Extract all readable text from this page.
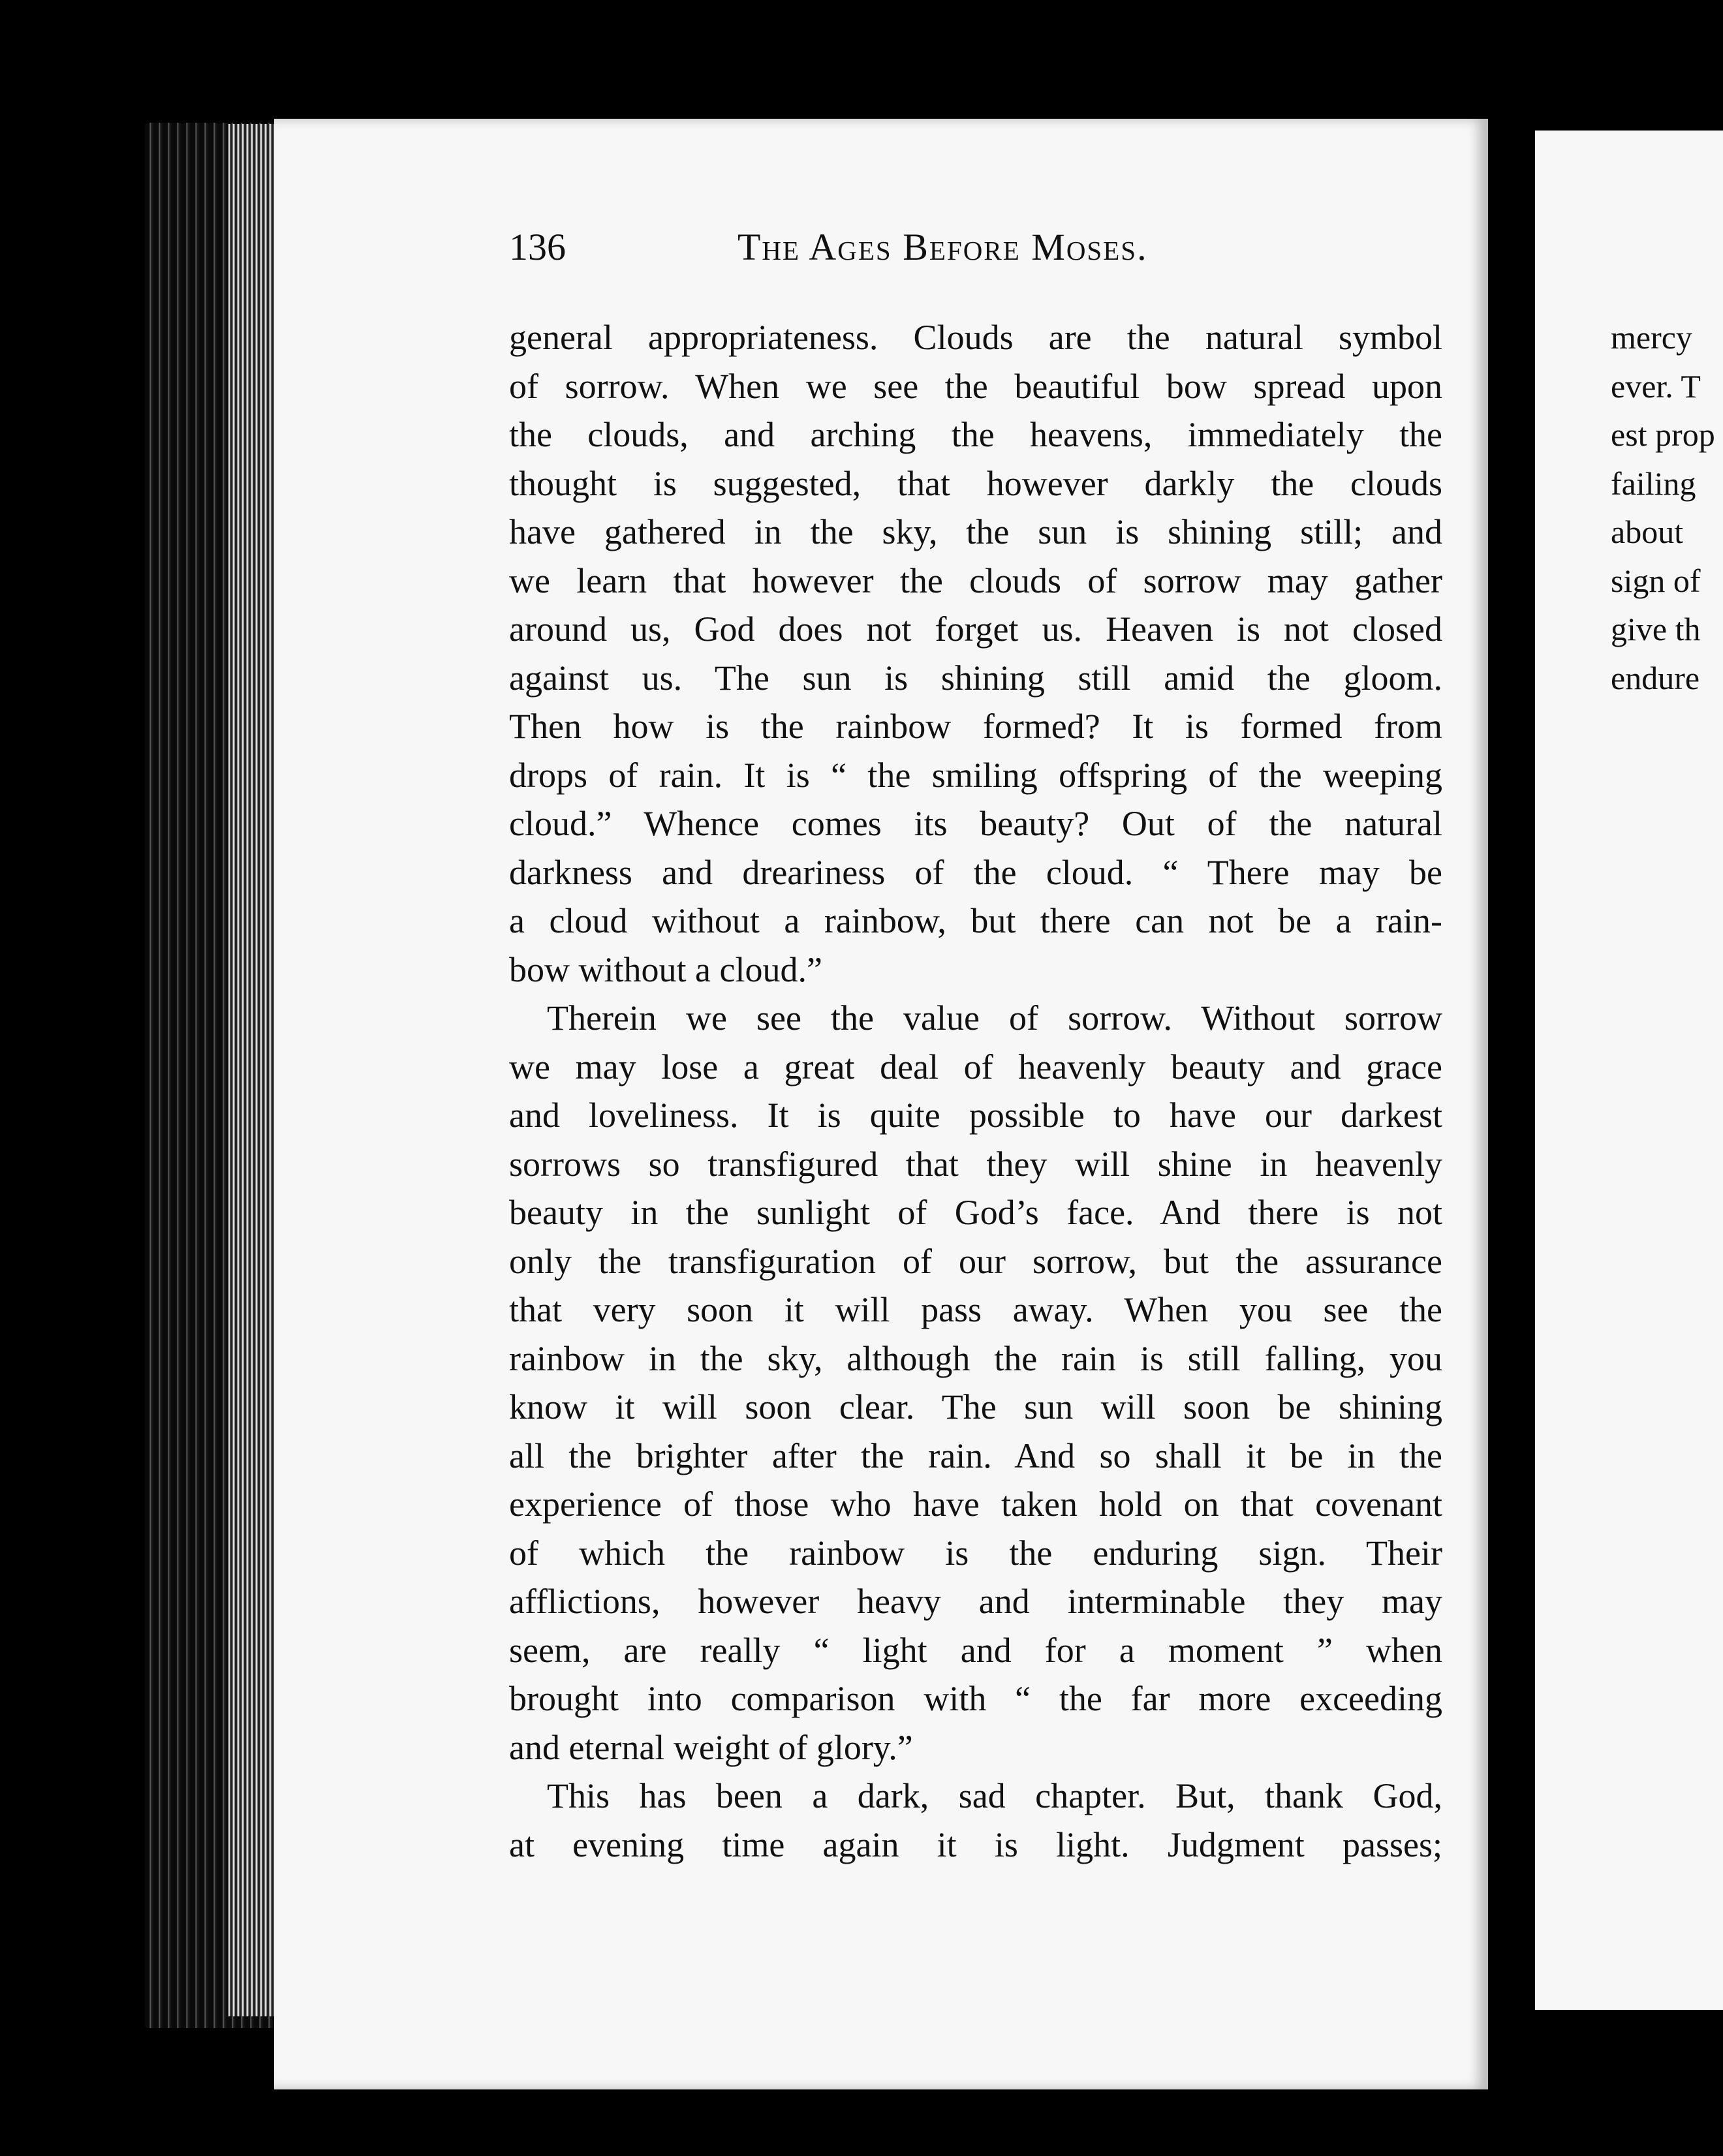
136	The Ages Before Moses.
general appropriateness. Clouds are the natural symbol
of sorrow. When we see the beautiful bow spread upon
the clouds, and arching the heavens, immediately the
thought is suggested, that however darkly the clouds
have gathered in the sky, the sun is shining still; and
we learn that however the clouds of sorrow may gather
around us, God does not forget us. Heaven is not closed
against us. The sun is shining still amid the gloom.
Then how is the rainbow formed? It is formed from
drops of rain. It is “ the smiling offspring of the weeping
cloud.” Whence comes its beauty? Out of the natural
darkness and dreariness of the cloud. “ There may be
a cloud without a rainbow, but there can not be a rain-
bow without a cloud.”
Therein we see the value of sorrow. Without sorrow
we may lose a great deal of heavenly beauty and grace
and loveliness. It is quite possible to have our darkest
sorrows so transfigured that they will shine in heavenly
beauty in the sunlight of God’s face. And there is not
only the transfiguration of our sorrow, but the assurance
that very soon it will pass away. When you see the
rainbow in the sky, although the rain is still falling, you
know it will soon clear. The sun will soon be shining
all the brighter after the rain. And so shall it be in the
experience of those who have taken hold on that covenant
of which the rainbow is the enduring sign. Their
afflictions, however heavy and interminable they may
seem, are really “ light and for a moment ” when
brought into comparison with “ the far more exceeding
and eternal weight of glory.”
This has been a dark, sad chapter. But, thank God,
at evening time again it is light. Judgment passes;
mercy
ever. T
est prop
failing
about
sign of
give th
endure
